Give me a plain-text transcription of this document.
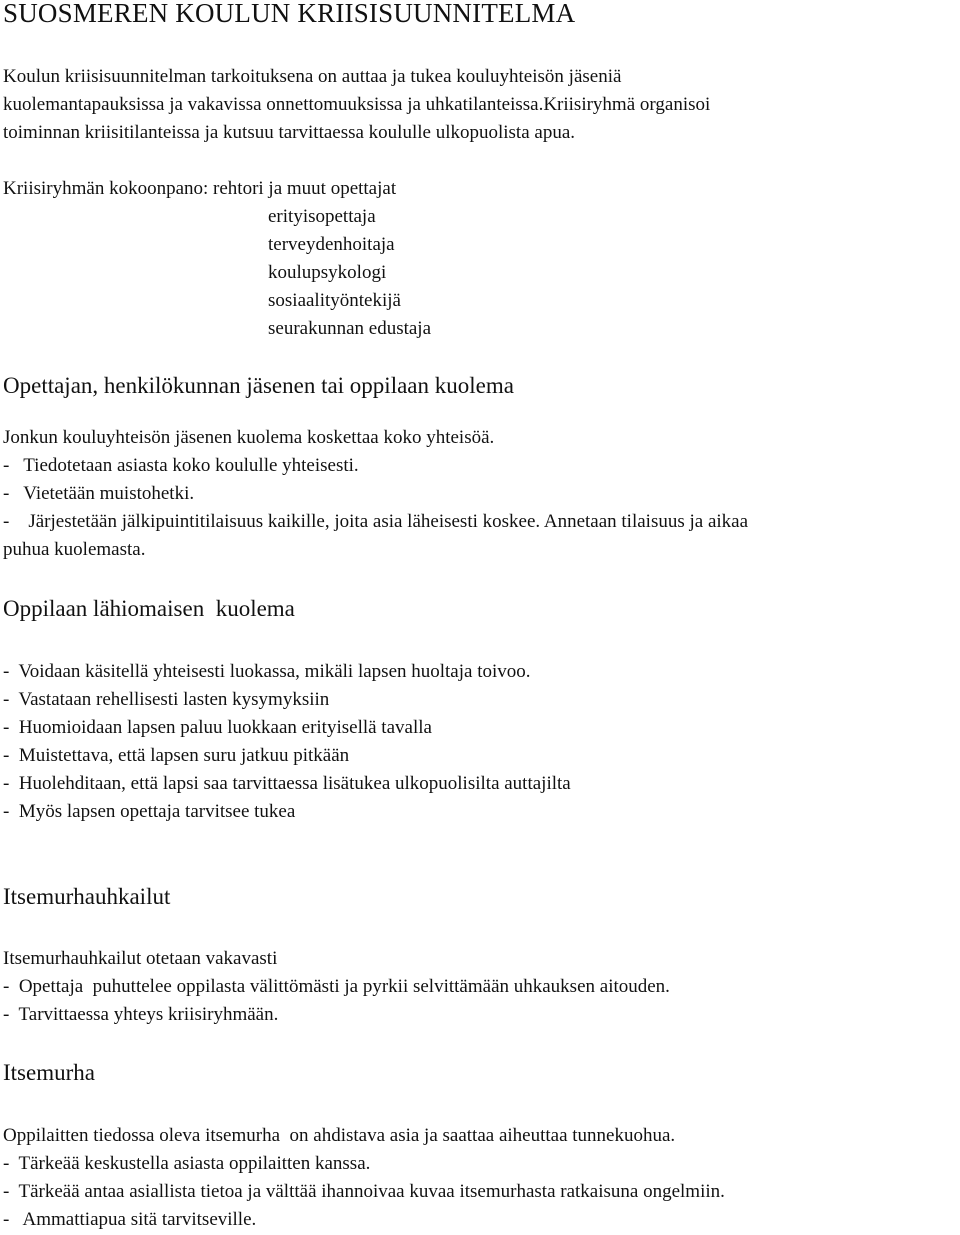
SUOSMEREN KOULUN KRIISISUUNNITELMA
Koulun kriisisuunnitelman tarkoituksena on auttaa ja tukea kouluyhteisön jäseniä
kuolemantapauksissa ja vakavissa onnettomuuksissa ja uhkatilanteissa.Kriisiryhmä organisoi
toiminnan kriisitilanteissa ja kutsuu tarvittaessa koululle ulkopuolista apua.
Kriisiryhmän kokoonpano: rehtori ja muut opettajat
erityisopettaja
terveydenhoitaja
koulupsykologi
sosiaalityöntekijä
seurakunnan edustaja
Opettajan, henkilökunnan jäsenen tai oppilaan kuolema
Jonkun kouluyhteisön jäsenen kuolema koskettaa koko yhteisöä.
-   Tiedotetaan asiasta koko koululle yhteisesti.
-   Vietetään muistohetki.
-    Järjestetään jälkipuintitilaisuus kaikille, joita asia läheisesti koskee. Annetaan tilaisuus ja aikaa
puhua kuolemasta.
Oppilaan lähiomaisen  kuolema
-  Voidaan käsitellä yhteisesti luokassa, mikäli lapsen huoltaja toivoo.
-  Vastataan rehellisesti lasten kysymyksiin
-  Huomioidaan lapsen paluu luokkaan erityisellä tavalla
-  Muistettava, että lapsen suru jatkuu pitkään
-  Huolehditaan, että lapsi saa tarvittaessa lisätukea ulkopuolisilta auttajilta
-  Myös lapsen opettaja tarvitsee tukea
Itsemurhauhkailut
Itsemurhauhkailut otetaan vakavasti
-  Opettaja  puhuttelee oppilasta välittömästi ja pyrkii selvittämään uhkauksen aitouden.
-  Tarvittaessa yhteys kriisiryhmään.
Itsemurha
Oppilaitten tiedossa oleva itsemurha  on ahdistava asia ja saattaa aiheuttaa tunnekuohua.
-  Tärkeää keskustella asiasta oppilaitten kanssa.
-  Tärkeää antaa asiallista tietoa ja välttää ihannoivaa kuvaa itsemurhasta ratkaisuna ongelmiin.
-   Ammattiapua sitä tarvitseville.
